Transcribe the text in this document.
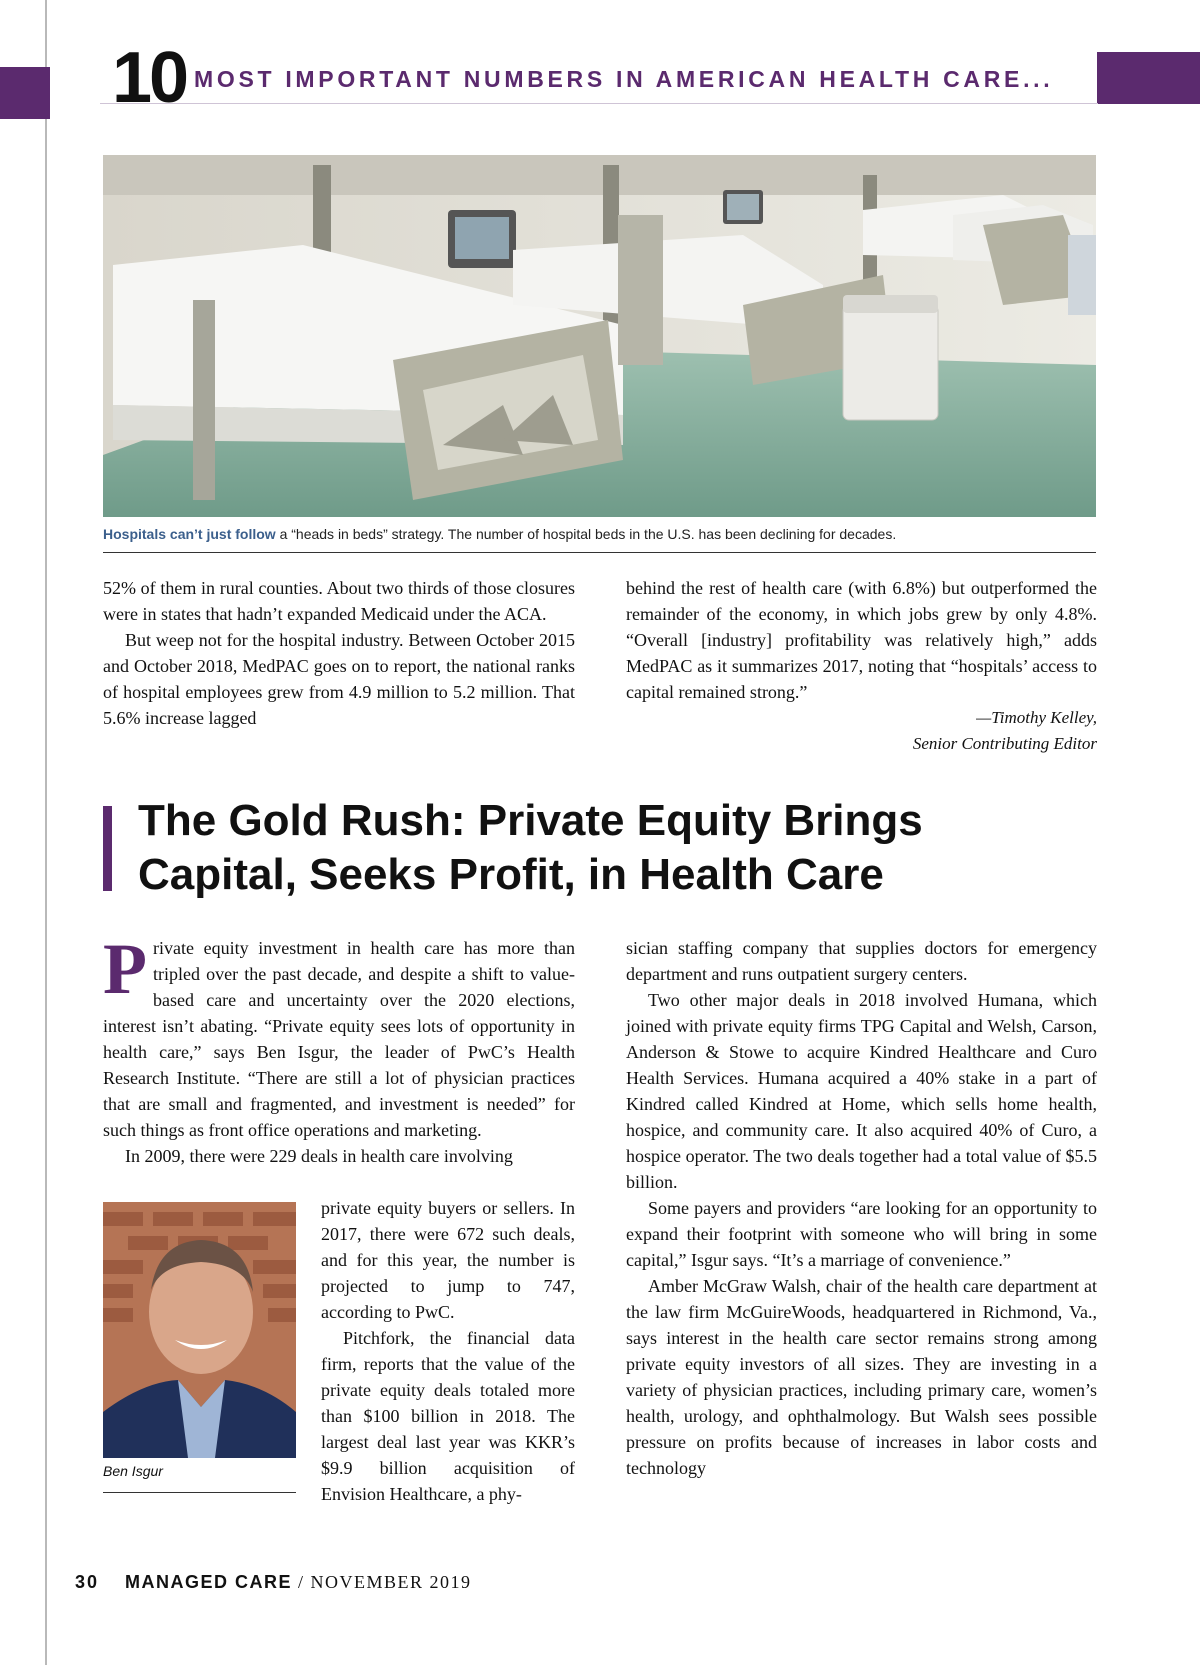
10 MOST IMPORTANT NUMBERS IN AMERICAN HEALTH CARE...
Hospitals can’t just follow a “heads in beds” strategy. The number of hospital beds in the U.S. has been declining for decades.

52% of them in rural counties. About two thirds of those closures were in states that hadn’t expanded Medicaid under the ACA.

But weep not for the hospital industry. Between October 2015 and October 2018, MedPAC goes on to report, the national ranks of hospital employees grew from 4.9 million to 5.2 million. That 5.6% increase lagged

behind the rest of health care (with 6.8%) but outperformed the remainder of the economy, in which jobs grew by only 4.8%. “Overall [industry] profitability was relatively high,” adds MedPAC as it summarizes 2017, noting that “hospitals’ access to capital remained strong.”

—Timothy Kelley,

Senior Contributing Editor

The Gold Rush: Private Equity Brings Capital, Seeks Profit, in Health Care

Private equity investment in health care has more than tripled over the past decade, and despite a shift to value-based care and uncertainty over the 2020 elections, interest isn’t abating. “Private equity sees lots of opportunity in health care,” says Ben Isgur, the leader of PwC’s Health Research Institute. “There are still a lot of physician practices that are small and fragmented, and investment is needed” for such things as front office operations and marketing.

In 2009, there were 229 deals in health care involving

Ben Isgur

private equity buyers or sellers. In 2017, there were 672 such deals, and for this year, the number is projected to jump to 747, according to PwC.

Pitchfork, the financial data firm, reports that the value of the private equity deals totaled more than $100 billion in 2018. The largest deal last year was KKR’s $9.9 billion acquisition of Envision Healthcare, a phy-

sician staffing company that supplies doctors for emergency department and runs outpatient surgery centers.

Two other major deals in 2018 involved Humana, which joined with private equity firms TPG Capital and Welsh, Carson, Anderson & Stowe to acquire Kindred Healthcare and Curo Health Services. Humana acquired a 40% stake in a part of Kindred called Kindred at Home, which sells home health, hospice, and community care. It also acquired 40% of Curo, a hospice operator. The two deals together had a total value of $5.5 billion.

Some payers and providers “are looking for an opportunity to expand their footprint with someone who will bring in some capital,” Isgur says. “It’s a marriage of convenience.”

Amber McGraw Walsh, chair of the health care department at the law firm McGuireWoods, headquartered in Richmond, Va., says interest in the health care sector remains strong among private equity investors of all sizes. They are investing in a variety of physician practices, including primary care, women’s health, urology, and ophthalmology. But Walsh sees possible pressure on profits because of increases in labor costs and technology

30 MANAGED CARE / NOVEMBER 2019
